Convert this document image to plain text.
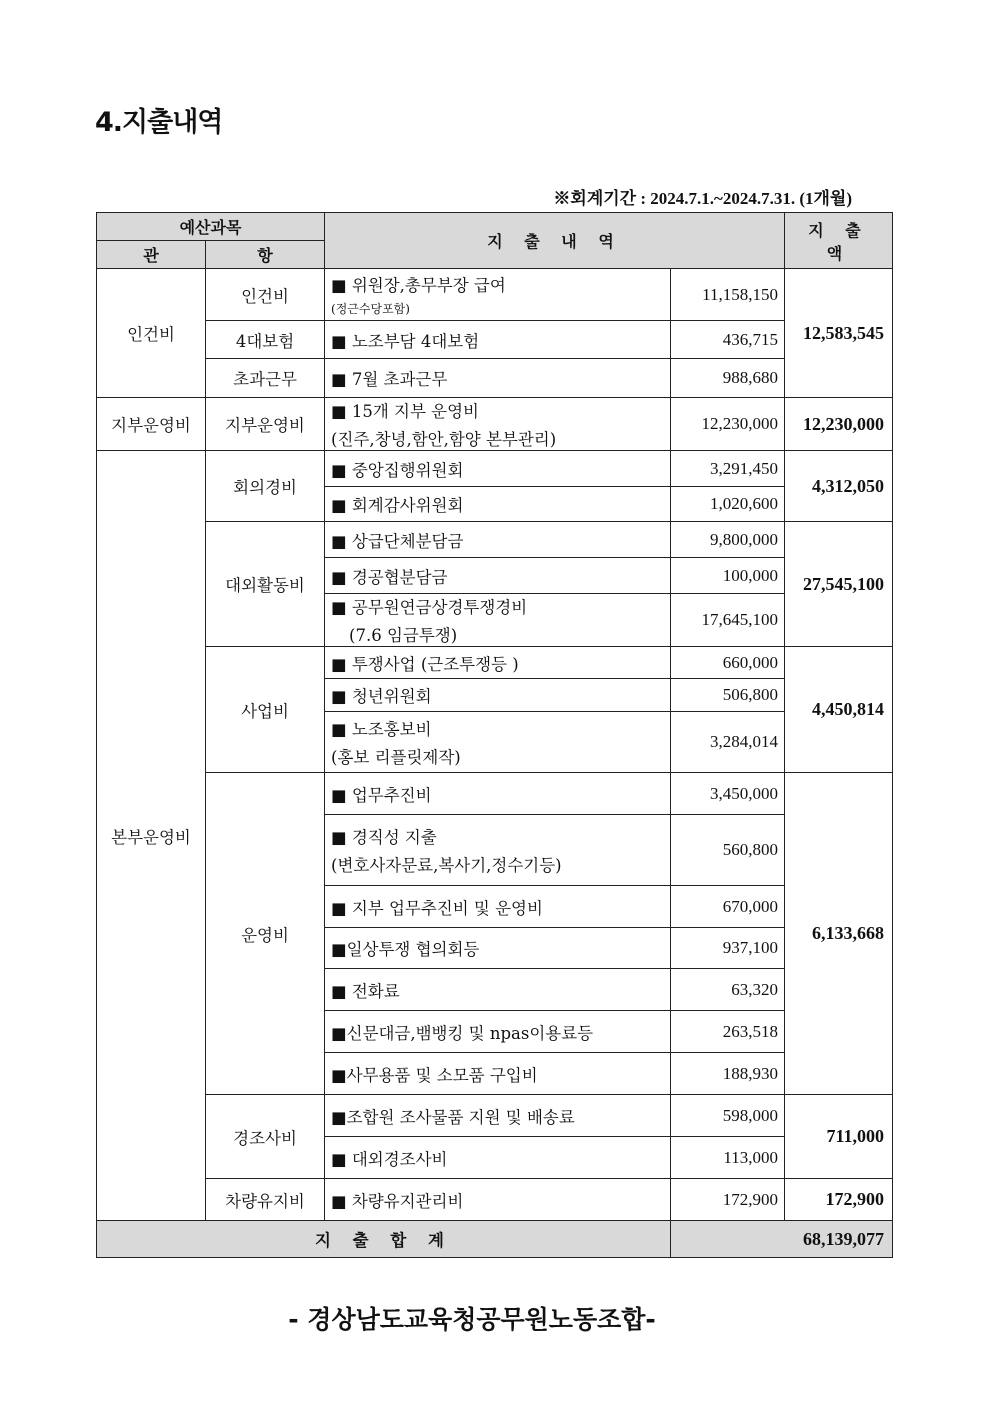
4.지출내역
※회계기간 : 2024.7.1.~2024.7.31. (1개월)
예산과목		지 출 내 역		지 출 액
관	항			
인건비	인건비	■ 위원장,총무부장 급여
(정근수당포함)	11,158,150	12,583,545
	4대보험	■ 노조부담 4대보험	436,715	
	초과근무	■ 7월 초과근무	988,680	
지부운영비	지부운영비	■ 15개 지부 운영비
(진주,창녕,함안,함양 본부관리)	12,230,000	12,230,000
본부운영비	회의경비	■ 중앙집행위원회	3,291,450	4,312,050
		■ 회계감사위원회	1,020,600	
	대외활동비	■ 상급단체분담금	9,800,000	27,545,100
		■ 경공협분담금	100,000	
		■ 공무원연금상경투쟁경비
(7.6 임금투쟁)	17,645,100	
	사업비	■ 투쟁사업 (근조투쟁등 )	660,000	4,450,814
		■ 청년위원회	506,800	
		■ 노조홍보비
(홍보 리플릿제작)	3,284,014	
	운영비	■ 업무추진비	3,450,000	6,133,668
		■ 경직성 지출
(변호사자문료,복사기,정수기등)	560,800	
		■ 지부 업무추진비 및 운영비	670,000	
		■일상투쟁 협의회등	937,100	
		■ 전화료	63,320	
		■신문대금,뱀뱅킹 및 npas이용료등	263,518	
		■사무용품 및 소모품 구입비	188,930	
	경조사비	■조합원 조사물품 지원 및 배송료	598,000	711,000
		■ 대외경조사비	113,000	
	차량유지비	■ 차량유지관리비	172,900	172,900
지 출 합 계			68,139,077	
- 경상남도교육청공무원노동조합-
